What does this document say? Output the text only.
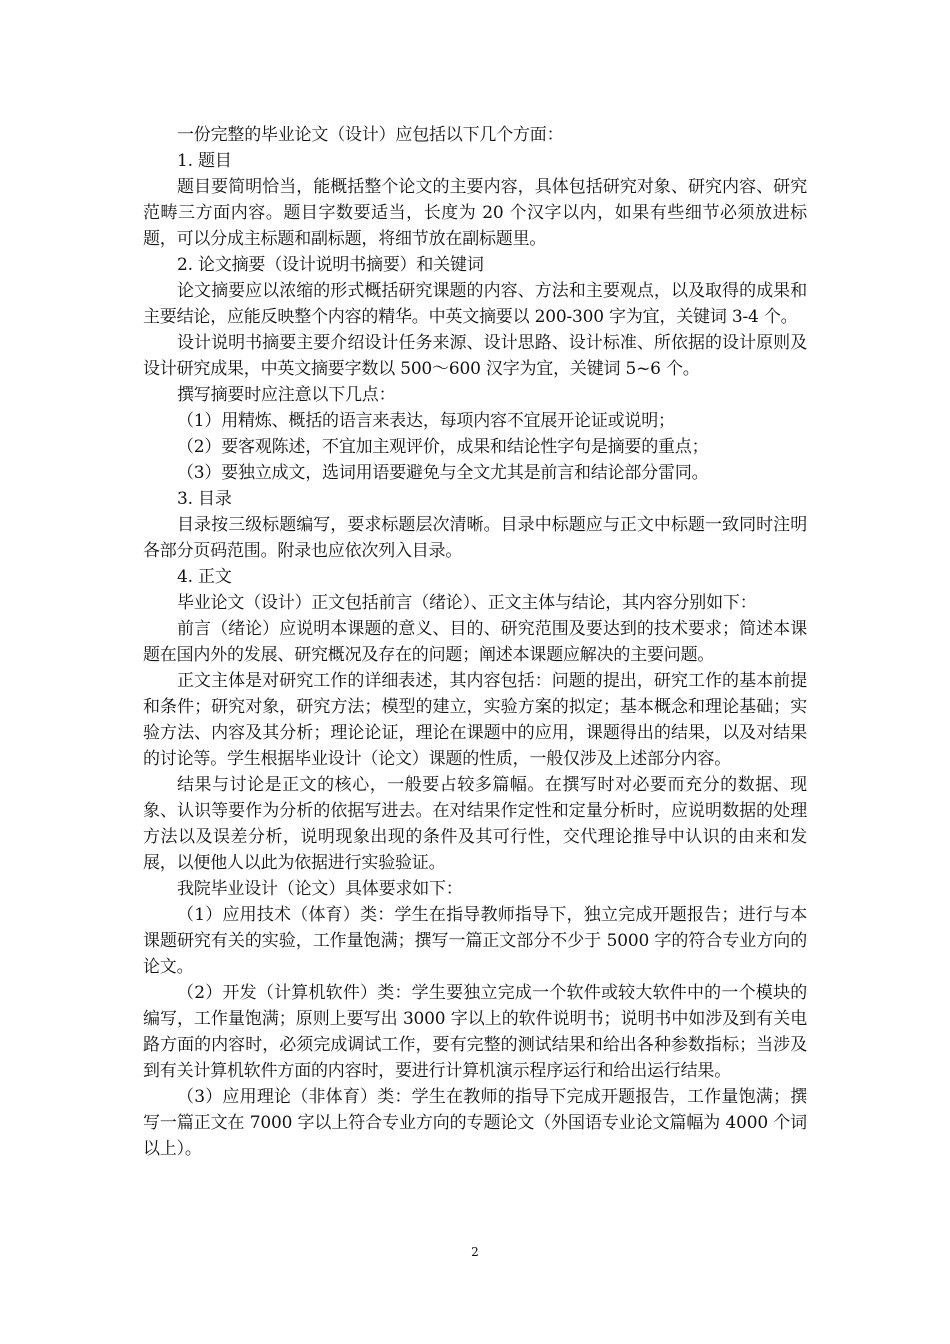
一份完整的毕业论文（设计）应包括以下几个方面：

1. 题目

题目要简明恰当，能概括整个论文的主要内容，具体包括研究对象、研究内容、研究范畴三方面内容。题目字数要适当，长度为 20 个汉字以内，如果有些细节必须放进标题，可以分成主标题和副标题，将细节放在副标题里。

2. 论文摘要（设计说明书摘要）和关键词

论文摘要应以浓缩的形式概括研究课题的内容、方法和主要观点，以及取得的成果和主要结论，应能反映整个内容的精华。中英文摘要以 200-300 字为宜，关键词 3-4 个。

设计说明书摘要主要介绍设计任务来源、设计思路、设计标准、所依据的设计原则及设计研究成果，中英文摘要字数以 500～600 汉字为宜，关键词 5~6 个。

撰写摘要时应注意以下几点：

（1）用精炼、概括的语言来表达，每项内容不宜展开论证或说明；

（2）要客观陈述，不宜加主观评价，成果和结论性字句是摘要的重点；

（3）要独立成文，选词用语要避免与全文尤其是前言和结论部分雷同。

3. 目录

目录按三级标题编写，要求标题层次清晰。目录中标题应与正文中标题一致同时注明各部分页码范围。附录也应依次列入目录。

4. 正文

毕业论文（设计）正文包括前言（绪论）、正文主体与结论，其内容分别如下：

前言（绪论）应说明本课题的意义、目的、研究范围及要达到的技术要求；简述本课题在国内外的发展、研究概况及存在的问题；阐述本课题应解决的主要问题。

正文主体是对研究工作的详细表述，其内容包括：问题的提出，研究工作的基本前提和条件；研究对象，研究方法；模型的建立，实验方案的拟定；基本概念和理论基础；实验方法、内容及其分析；理论论证，理论在课题中的应用，课题得出的结果，以及对结果的讨论等。学生根据毕业设计（论文）课题的性质，一般仅涉及上述部分内容。

结果与讨论是正文的核心，一般要占较多篇幅。在撰写时对必要而充分的数据、现象、认识等要作为分析的依据写进去。在对结果作定性和定量分析时，应说明数据的处理方法以及误差分析，说明现象出现的条件及其可行性，交代理论推导中认识的由来和发展，以便他人以此为依据进行实验验证。

我院毕业设计（论文）具体要求如下：

（1）应用技术（体育）类：学生在指导教师指导下，独立完成开题报告；进行与本课题研究有关的实验，工作量饱满；撰写一篇正文部分不少于 5000 字的符合专业方向的论文。

（2）开发（计算机软件）类：学生要独立完成一个软件或较大软件中的一个模块的编写，工作量饱满；原则上要写出 3000 字以上的软件说明书；说明书中如涉及到有关电路方面的内容时，必须完成调试工作，要有完整的测试结果和给出各种参数指标；当涉及到有关计算机软件方面的内容时，要进行计算机演示程序运行和给出运行结果。

（3）应用理论（非体育）类：学生在教师的指导下完成开题报告，工作量饱满；撰写一篇正文在 7000 字以上符合专业方向的专题论文（外国语专业论文篇幅为 4000 个词以上）。

2
